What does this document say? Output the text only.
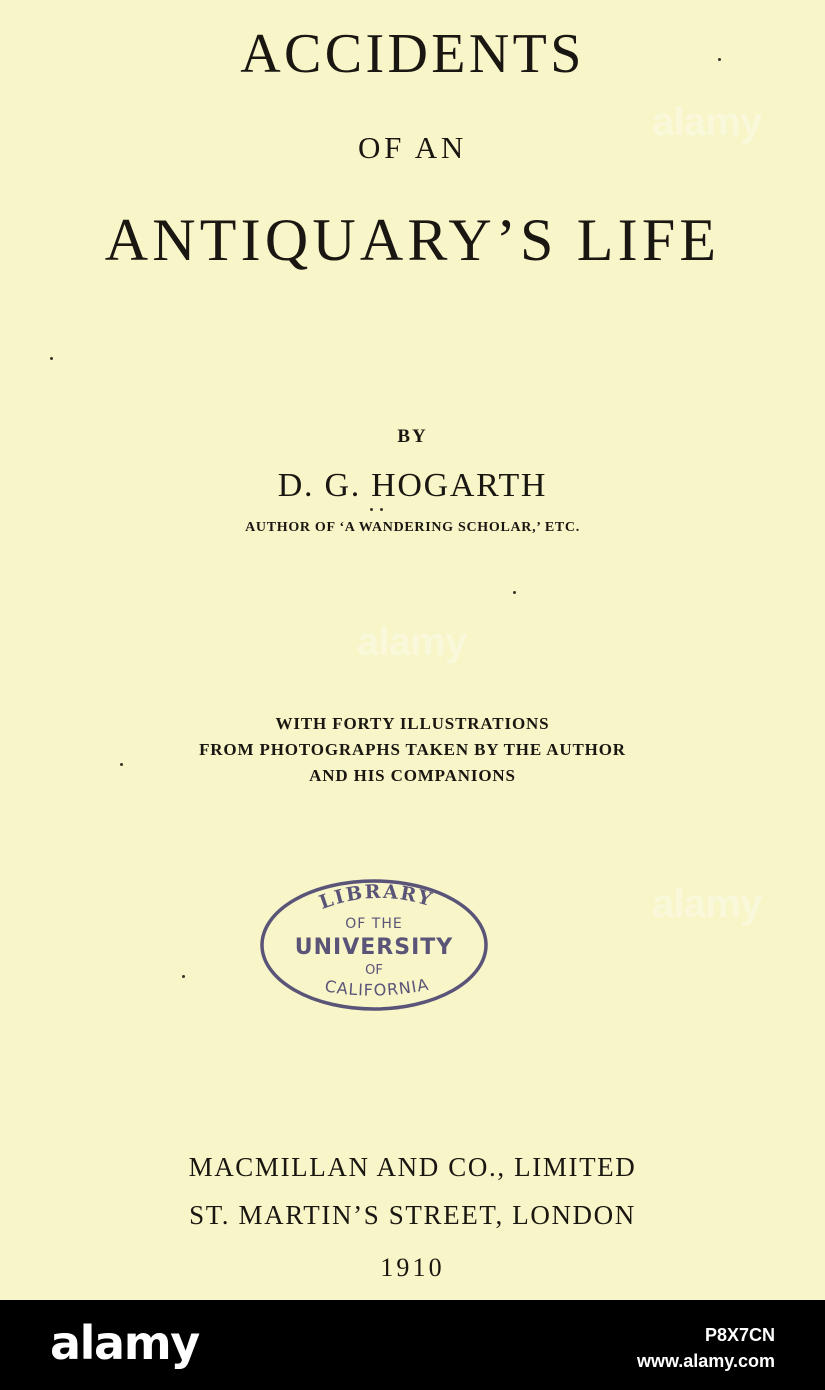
ACCIDENTS
OF AN
ANTIQUARY’S LIFE
BY
D. G. HOGARTH
AUTHOR OF ‘A WANDERING SCHOLAR,’ ETC.
WITH FORTY ILLUSTRATIONS
FROM PHOTOGRAPHS TAKEN BY THE AUTHOR
AND HIS COMPANIONS
LIBRARY
OF THE
UNIVERSITY
OF
CALIFORNIA
MACMILLAN AND CO., LIMITED
ST. MARTIN’S STREET, LONDON
1910
alamy
alamy
alamy
alamy	P8X7CN
www.alamy.com
